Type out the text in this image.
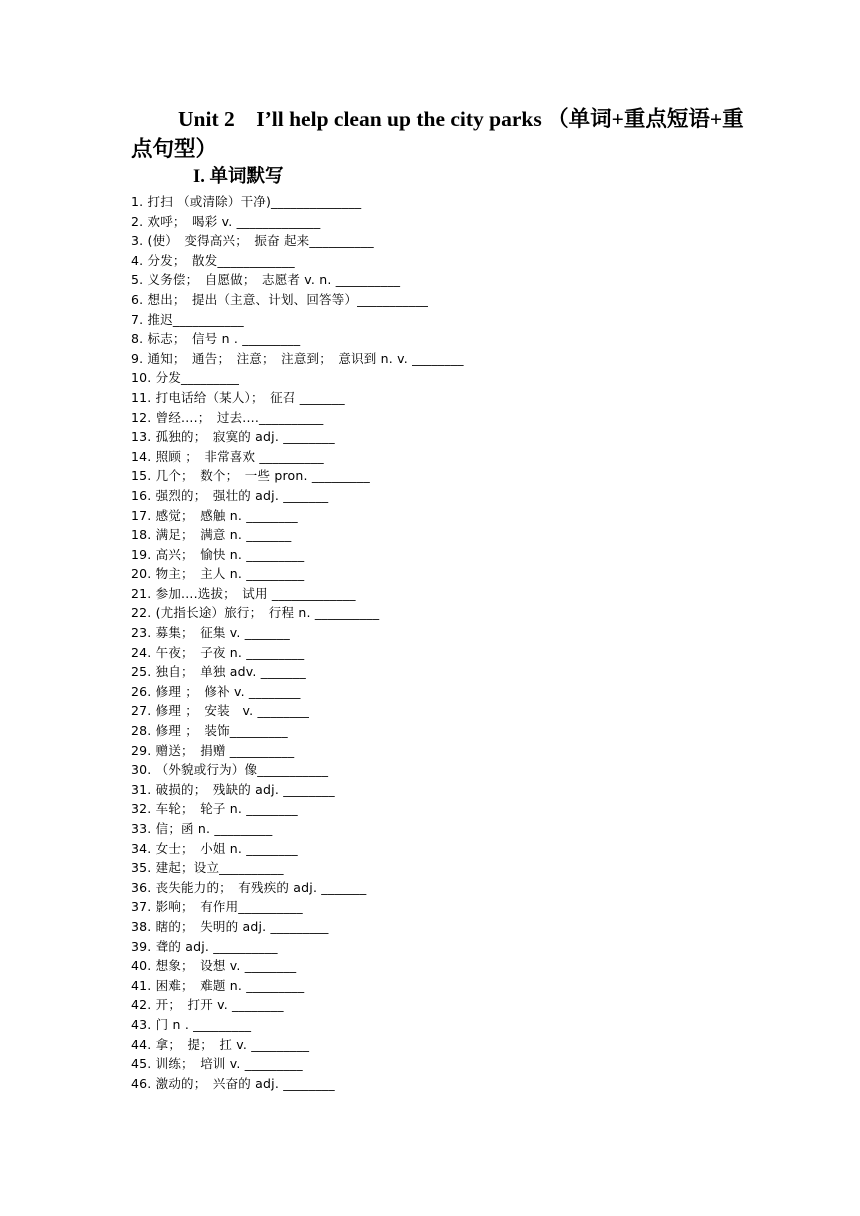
Unit 2　I’ll help clean up the city parks （单词+重点短语+重点句型）
I. 单词默写
1. 打扫 （或清除）干净)______________
2. 欢呼；　喝彩 v. _____________
3. (使）　变得高兴；　振奋 起来__________
4. 分发；　散发____________
5. 义务偿；　自愿做；　志愿者 v. n. __________
6. 想出；　提出（主意、计划、回答等）___________
7. 推迟___________
8. 标志；　信号 n . _________
9. 通知；　通告；　注意；　注意到；　意识到 n. v. ________
10. 分发_________
11. 打电话给（某人）；　征召 _______
12. 曾经....；　过去....__________
13. 孤独的；　寂寞的 adj. ________
14. 照顾 ；　非常喜欢 __________
15. 几个；　数个；　一些 pron. _________
16. 强烈的；　强壮的 adj. _______
17. 感觉；　感触 n. ________
18. 满足；　满意 n. _______
19. 高兴；　愉快 n. _________
20. 物主；　主人 n. _________
21. 参加....选拔；　试用 _____________
22. (尤指长途）旅行；　行程 n. __________
23. 募集；　征集 v. _______
24. 午夜；　子夜 n. _________
25. 独自；　单独 adv. _______
26. 修理 ；　修补 v. ________
27. 修理 ；　安装　v. ________
28. 修理 ；　装饰_________
29. 赠送；　捐赠 __________
30. （外貌或行为）像___________
31. 破损的；　残缺的 adj. ________
32. 车轮；　轮子 n. ________
33. 信；函 n. _________
34. 女士；　小姐 n. ________
35. 建起；设立__________
36. 丧失能力的；　有残疾的 adj. _______
37. 影响；　有作用__________
38. 瞎的；　失明的 adj. _________
39. 聋的 adj. __________
40. 想象；　设想 v. ________
41. 困难；　难题 n. _________
42. 开；　打开 v. ________
43. 门 n . _________
44. 拿；　提；　扛 v. _________
45. 训练；　培训 v. _________
46. 激动的；　兴奋的 adj. ________
